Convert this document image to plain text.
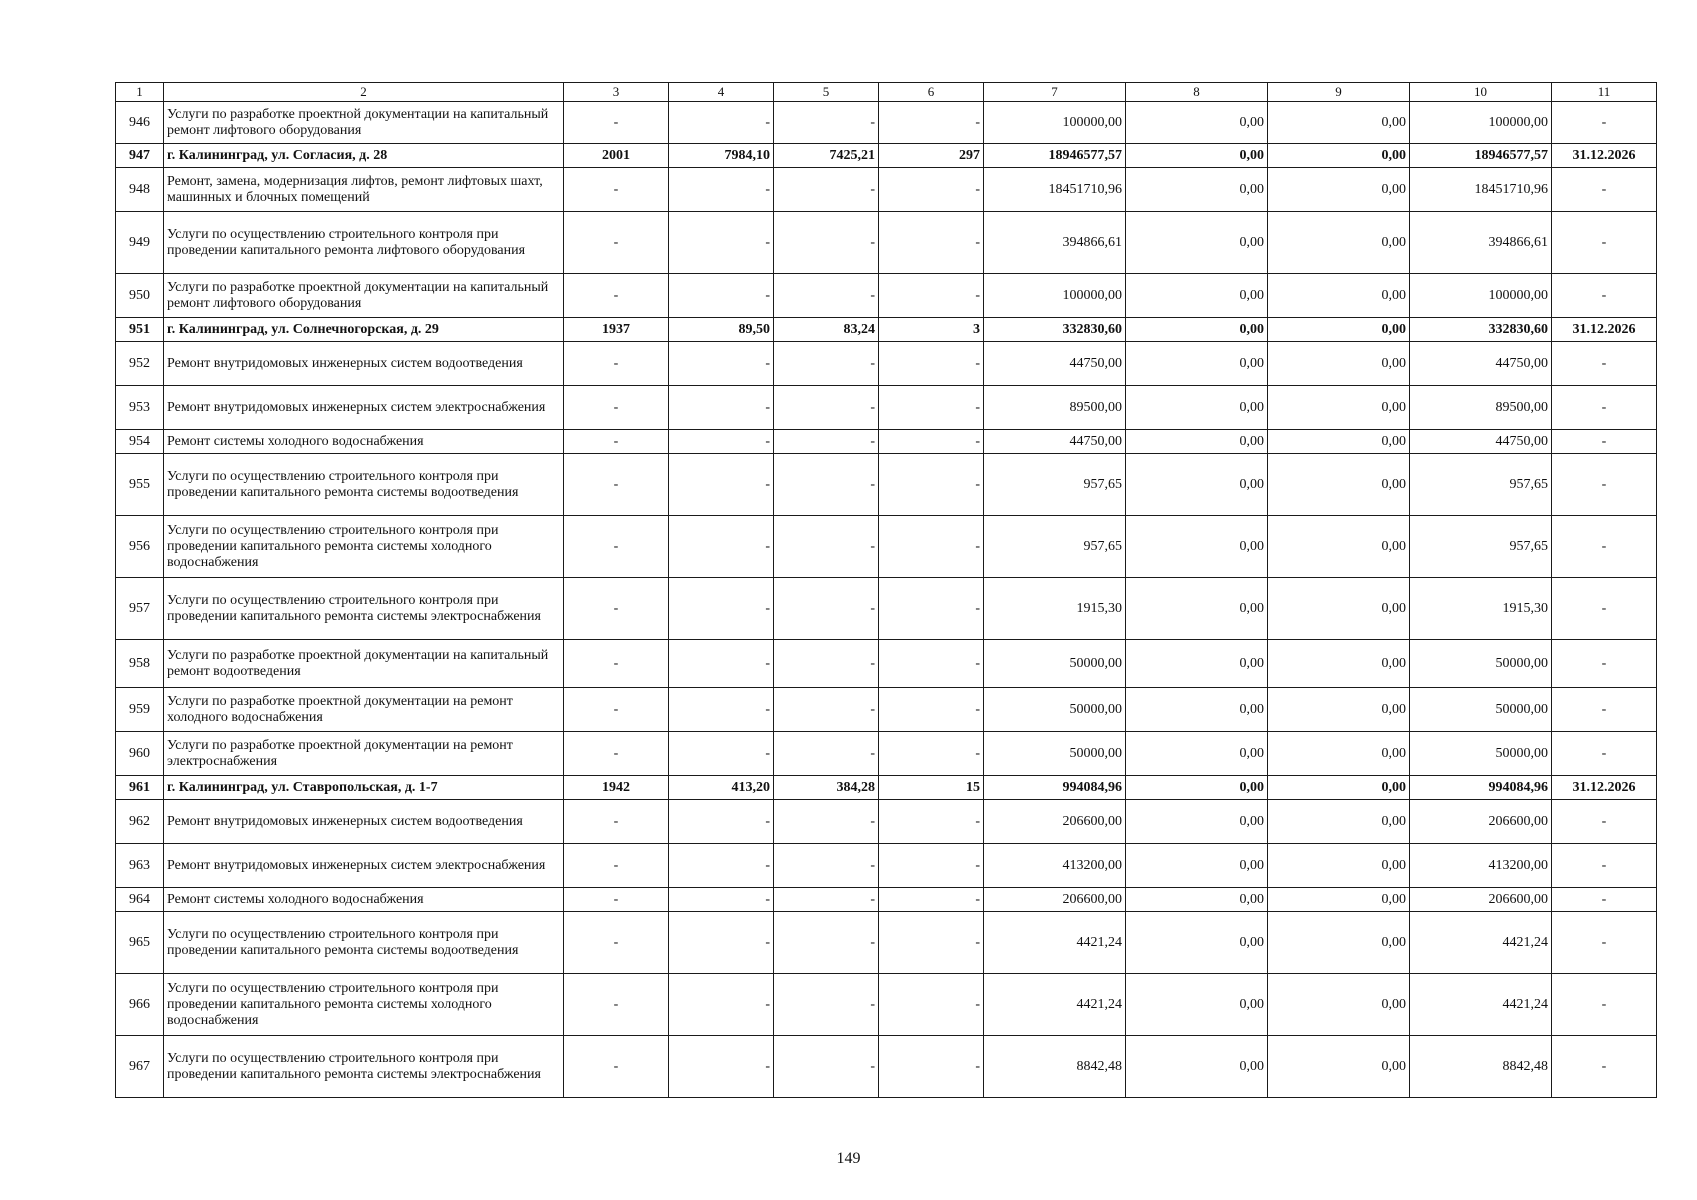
1	2	3	4	5	6	7	8	9	10	11
946	Услуги по разработке проектной документации на капитальный ремонт лифтового оборудования	-	-	-	-	100000,00	0,00	0,00	100000,00	-
947	г. Калининград, ул. Согласия, д. 28	2001	7984,10	7425,21	297	18946577,57	0,00	0,00	18946577,57	31.12.2026
948	Ремонт, замена, модернизация лифтов, ремонт лифтовых шахт, машинных и блочных помещений	-	-	-	-	18451710,96	0,00	0,00	18451710,96	-
949	Услуги по осуществлению строительного контроля при проведении капитального ремонта лифтового оборудования	-	-	-	-	394866,61	0,00	0,00	394866,61	-
950	Услуги по разработке проектной документации на капитальный ремонт лифтового оборудования	-	-	-	-	100000,00	0,00	0,00	100000,00	-
951	г. Калининград, ул. Солнечногорская, д. 29	1937	89,50	83,24	3	332830,60	0,00	0,00	332830,60	31.12.2026
952	Ремонт внутридомовых инженерных систем водоотведения	-	-	-	-	44750,00	0,00	0,00	44750,00	-
953	Ремонт внутридомовых инженерных систем электроснабжения	-	-	-	-	89500,00	0,00	0,00	89500,00	-
954	Ремонт системы холодного водоснабжения	-	-	-	-	44750,00	0,00	0,00	44750,00	-
955	Услуги по осуществлению строительного контроля при проведении капитального ремонта системы водоотведения	-	-	-	-	957,65	0,00	0,00	957,65	-
956	Услуги по осуществлению строительного контроля при проведении капитального ремонта системы холодного водоснабжения	-	-	-	-	957,65	0,00	0,00	957,65	-
957	Услуги по осуществлению строительного контроля при проведении капитального ремонта системы электроснабжения	-	-	-	-	1915,30	0,00	0,00	1915,30	-
958	Услуги по разработке проектной документации на капитальный ремонт водоотведения	-	-	-	-	50000,00	0,00	0,00	50000,00	-
959	Услуги по разработке проектной документации на ремонт холодного водоснабжения	-	-	-	-	50000,00	0,00	0,00	50000,00	-
960	Услуги по разработке проектной документации на ремонт электроснабжения	-	-	-	-	50000,00	0,00	0,00	50000,00	-
961	г. Калининград, ул. Ставропольская, д. 1-7	1942	413,20	384,28	15	994084,96	0,00	0,00	994084,96	31.12.2026
962	Ремонт внутридомовых инженерных систем водоотведения	-	-	-	-	206600,00	0,00	0,00	206600,00	-
963	Ремонт внутридомовых инженерных систем электроснабжения	-	-	-	-	413200,00	0,00	0,00	413200,00	-
964	Ремонт системы холодного водоснабжения	-	-	-	-	206600,00	0,00	0,00	206600,00	-
965	Услуги по осуществлению строительного контроля при проведении капитального ремонта системы водоотведения	-	-	-	-	4421,24	0,00	0,00	4421,24	-
966	Услуги по осуществлению строительного контроля при проведении капитального ремонта системы холодного водоснабжения	-	-	-	-	4421,24	0,00	0,00	4421,24	-
967	Услуги по осуществлению строительного контроля при проведении капитального ремонта системы электроснабжения	-	-	-	-	8842,48	0,00	0,00	8842,48	-
149
